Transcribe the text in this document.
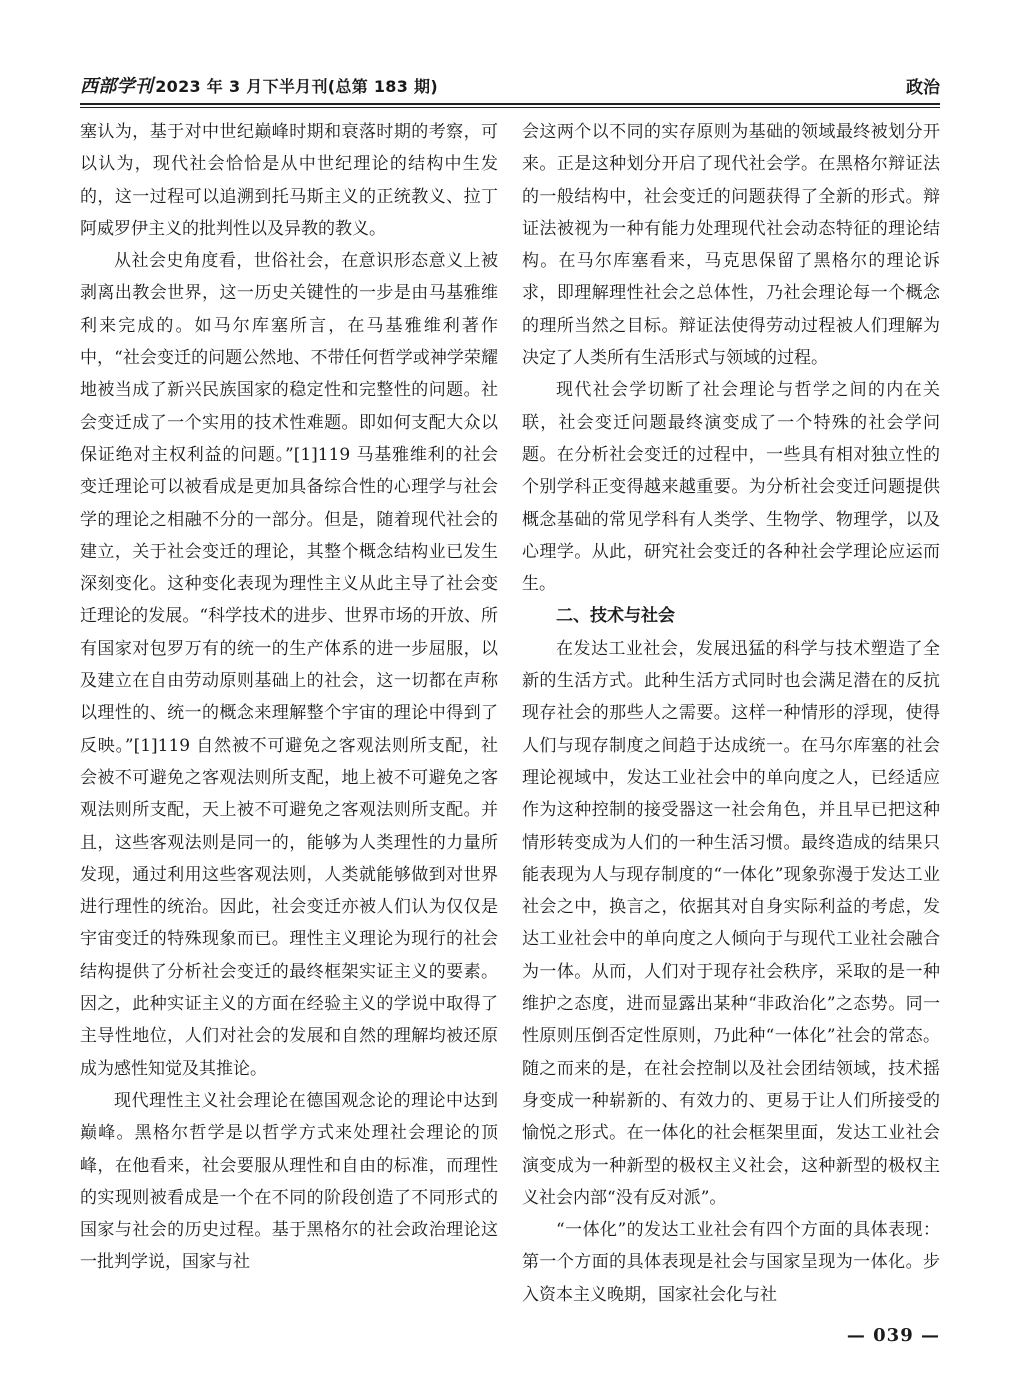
西部学刊 2023 年 3 月下半月刊(总第 183 期)	政治

塞认为，基于对中世纪巅峰时期和衰落时期的考察，可以认为，现代社会恰恰是从中世纪理论的结构中生发的，这一过程可以追溯到托马斯主义的正统教义、拉丁阿威罗伊主义的批判性以及异教的教义。

从社会史角度看，世俗社会，在意识形态意义上被剥离出教会世界，这一历史关键性的一步是由马基雅维利来完成的。如马尔库塞所言，在马基雅维利著作中，“社会变迁的问题公然地、不带任何哲学或神学荣耀地被当成了新兴民族国家的稳定性和完整性的问题。社会变迁成了一个实用的技术性难题。即如何支配大众以保证绝对主权利益的问题。”[1]119 马基雅维利的社会变迁理论可以被看成是更加具备综合性的心理学与社会学的理论之相融不分的一部分。但是，随着现代社会的建立，关于社会变迁的理论，其整个概念结构业已发生深刻变化。这种变化表现为理性主义从此主导了社会变迁理论的发展。“科学技术的进步、世界市场的开放、所有国家对包罗万有的统一的生产体系的进一步屈服，以及建立在自由劳动原则基础上的社会，这一切都在声称以理性的、统一的概念来理解整个宇宙的理论中得到了反映。”[1]119 自然被不可避免之客观法则所支配，社会被不可避免之客观法则所支配，地上被不可避免之客观法则所支配，天上被不可避免之客观法则所支配。并且，这些客观法则是同一的，能够为人类理性的力量所发现，通过利用这些客观法则，人类就能够做到对世界进行理性的统治。因此，社会变迁亦被人们认为仅仅是宇宙变迁的特殊现象而已。理性主义理论为现行的社会结构提供了分析社会变迁的最终框架实证主义的要素。因之，此种实证主义的方面在经验主义的学说中取得了主导性地位，人们对社会的发展和自然的理解均被还原成为感性知觉及其推论。

现代理性主义社会理论在德国观念论的理论中达到巅峰。黑格尔哲学是以哲学方式来处理社会理论的顶峰，在他看来，社会要服从理性和自由的标准，而理性的实现则被看成是一个在不同的阶段创造了不同形式的国家与社会的历史过程。基于黑格尔的社会政治理论这一批判学说，国家与社

会这两个以不同的实存原则为基础的领域最终被划分开来。正是这种划分开启了现代社会学。在黑格尔辩证法的一般结构中，社会变迁的问题获得了全新的形式。辩证法被视为一种有能力处理现代社会动态特征的理论结构。在马尔库塞看来，马克思保留了黑格尔的理论诉求，即理解理性社会之总体性，乃社会理论每一个概念的理所当然之目标。辩证法使得劳动过程被人们理解为决定了人类所有生活形式与领域的过程。

现代社会学切断了社会理论与哲学之间的内在关联，社会变迁问题最终演变成了一个特殊的社会学问题。在分析社会变迁的过程中，一些具有相对独立性的个别学科正变得越来越重要。为分析社会变迁问题提供概念基础的常见学科有人类学、生物学、物理学，以及心理学。从此，研究社会变迁的各种社会学理论应运而生。

二、技术与社会

在发达工业社会，发展迅猛的科学与技术塑造了全新的生活方式。此种生活方式同时也会满足潜在的反抗现存社会的那些人之需要。这样一种情形的浮现，使得人们与现存制度之间趋于达成统一。在马尔库塞的社会理论视域中，发达工业社会中的单向度之人，已经适应作为这种控制的接受器这一社会角色，并且早已把这种情形转变成为人们的一种生活习惯。最终造成的结果只能表现为人与现存制度的“一体化”现象弥漫于发达工业社会之中，换言之，依据其对自身实际利益的考虑，发达工业社会中的单向度之人倾向于与现代工业社会融合为一体。从而，人们对于现存社会秩序，采取的是一种维护之态度，进而显露出某种“非政治化”之态势。同一性原则压倒否定性原则，乃此种“一体化”社会的常态。随之而来的是，在社会控制以及社会团结领域，技术摇身变成一种崭新的、有效力的、更易于让人们所接受的愉悦之形式。在一体化的社会框架里面，发达工业社会演变成为一种新型的极权主义社会，这种新型的极权主义社会内部“没有反对派”。

“一体化”的发达工业社会有四个方面的具体表现：第一个方面的具体表现是社会与国家呈现为一体化。步入资本主义晚期，国家社会化与社

— 039 —
